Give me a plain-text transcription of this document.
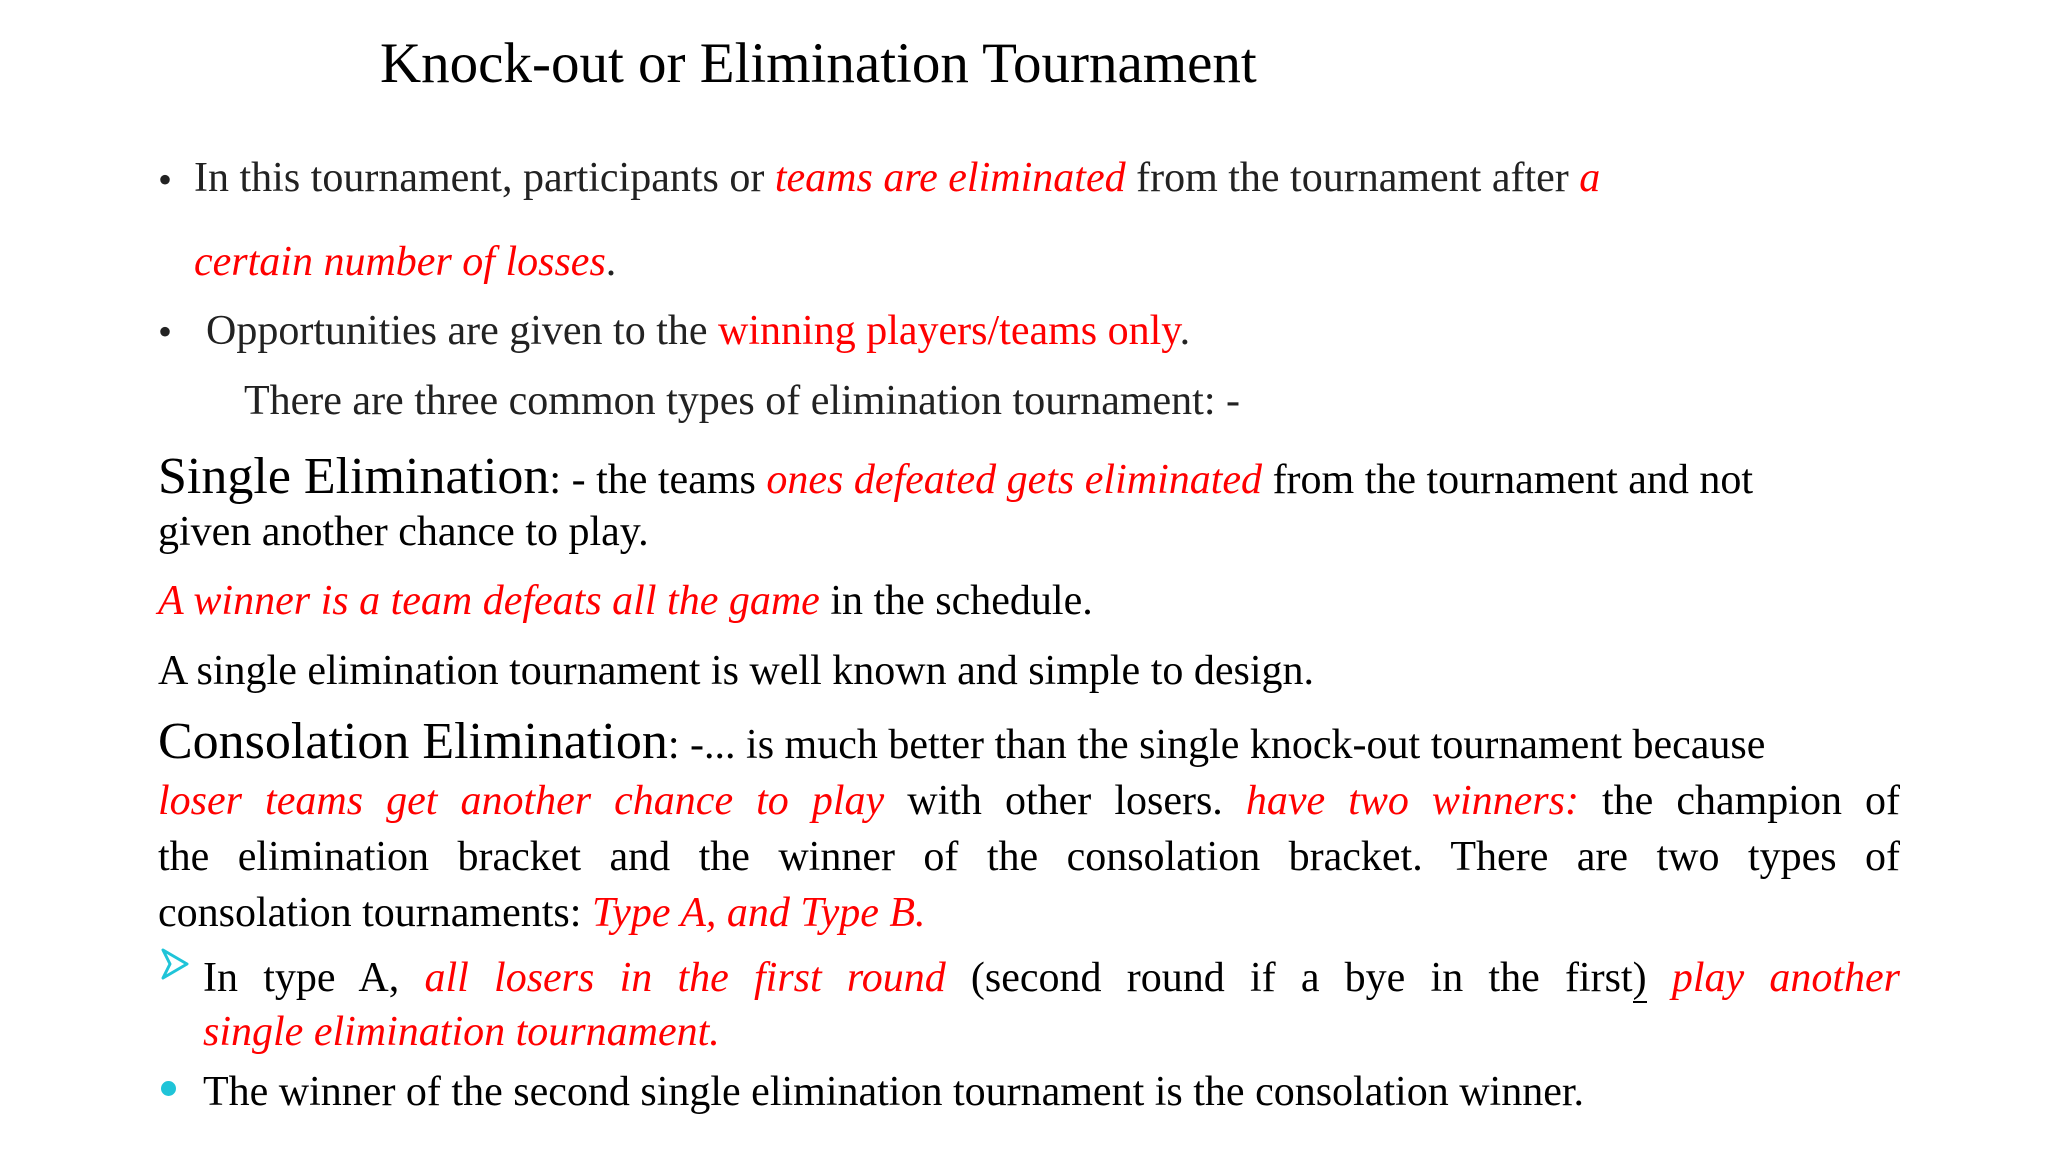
Knock-out or Elimination Tournament
• In this tournament, participants or teams are eliminated from the tournament after a

certain number of losses.

• Opportunities are given to the winning players/teams only.

There are three common types of elimination tournament: -

Single Elimination: - the teams ones defeated gets eliminated from the tournament and not

given another chance to play.

A winner is a team defeats all the game in the schedule.

A single elimination tournament is well known and simple to design.

Consolation Elimination: -... is much better than the single knock-out tournament because

loser teams get another chance to play with other losers. have two winners: the champion of

the elimination bracket and the winner of the consolation bracket. There are two types of

consolation tournaments: Type A, and Type B.

In type A, all losers in the first round (second round if a bye in the first) play another

single elimination tournament.

The winner of the second single elimination tournament is the consolation winner.
